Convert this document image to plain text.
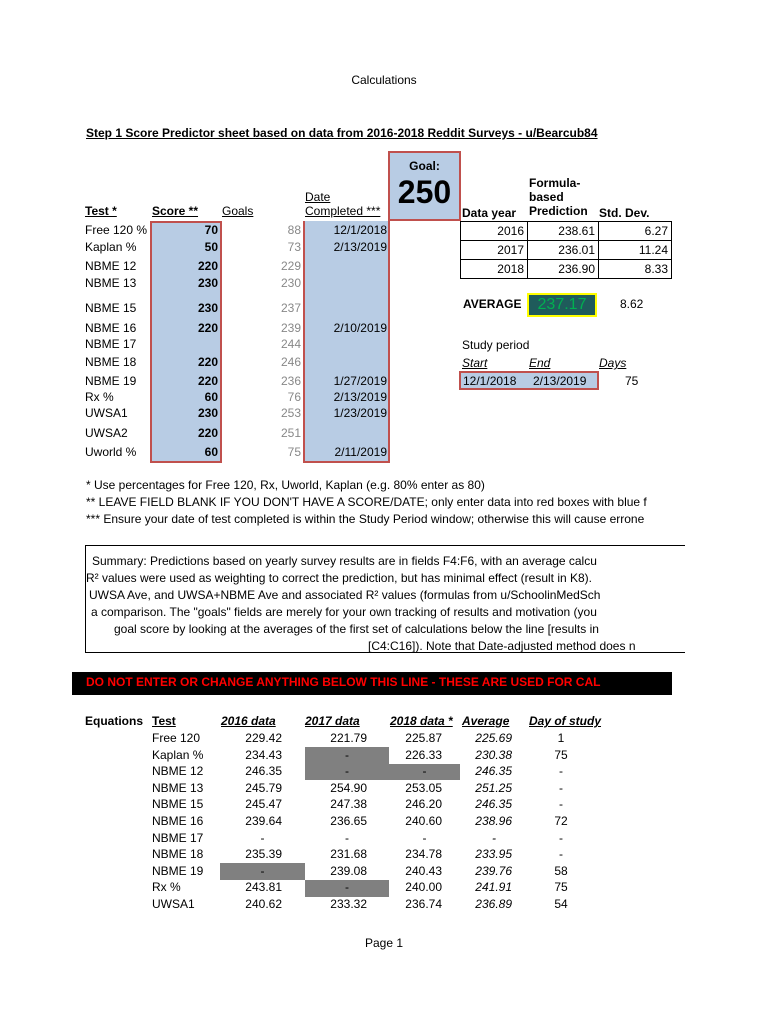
Calculations
Step 1 Score Predictor sheet based on data from 2016-2018 Reddit Surveys - u/Bearcub84
Goal:
250
Test *	Score ** Goals
Date
Completed ***
Free 120 %	70	88	12/1/2018
Kaplan %	50	73	2/13/2019
NBME 12	220	229
NBME 13	230	230
NBME 15	230	237
NBME 16	220	239	2/10/2019
NBME 17	244
NBME 18	220	246
NBME 19	220	236	1/27/2019
Rx %	60	76	2/13/2019
UWSA1	230	253	1/23/2019
UWSA2	220	251
Uworld %	60	75	2/11/2019
Data year
Formula-
based
Prediction Std. Dev.
2016	238.61	6.27
2017	236.01	11.24
2018	236.90	8.33
AVERAGE	237.17	8.62
Study period
Start	End	Days
12/1/2018 2/13/2019	75
* Use percentages for Free 120, Rx, Uworld, Kaplan (e.g. 80% enter as 80)
** LEAVE FIELD BLANK IF YOU DON'T HAVE A SCORE/DATE; only enter data into red boxes with blue f
*** Ensure your date of test completed is within the Study Period window; otherwise this will cause errone
Summary: Predictions based on yearly survey results are in fields F4:F6, with an average calcu
R² values were used as weighting to correct the prediction, but has minimal effect (result in K8).
UWSA Ave, and UWSA+NBME Ave and associated R² values (formulas from u/SchoolinMedSch
a comparison. The "goals" fields are merely for your own tracking of results and motivation (you
goal score by looking at the averages of the first set of calculations below the line [results in
[C4:C16]). Note that Date-adjusted method does n
DO NOT ENTER OR CHANGE ANYTHING BELOW THIS LINE - THESE ARE USED FOR CAL
Equations Test	2016 data 2017 data	2018 data * Average Day of study
Free 120	229.42	221.79	225.87	225.69	1
Kaplan %	234.43	-	226.33	230.38	75
NBME 12	246.35	-	-	246.35	-
NBME 13	245.79	254.90	253.05	251.25	-
NBME 15	245.47	247.38	246.20	246.35	-
NBME 16	239.64	236.65	240.60	238.96	72
NBME 17	-	-	-	-	-
NBME 18	235.39	231.68	234.78	233.95	-
NBME 19	-	239.08	240.43	239.76	58
Rx %	243.81	-	240.00	241.91	75
UWSA1	240.62	233.32	236.74	236.89	54
Page 1
